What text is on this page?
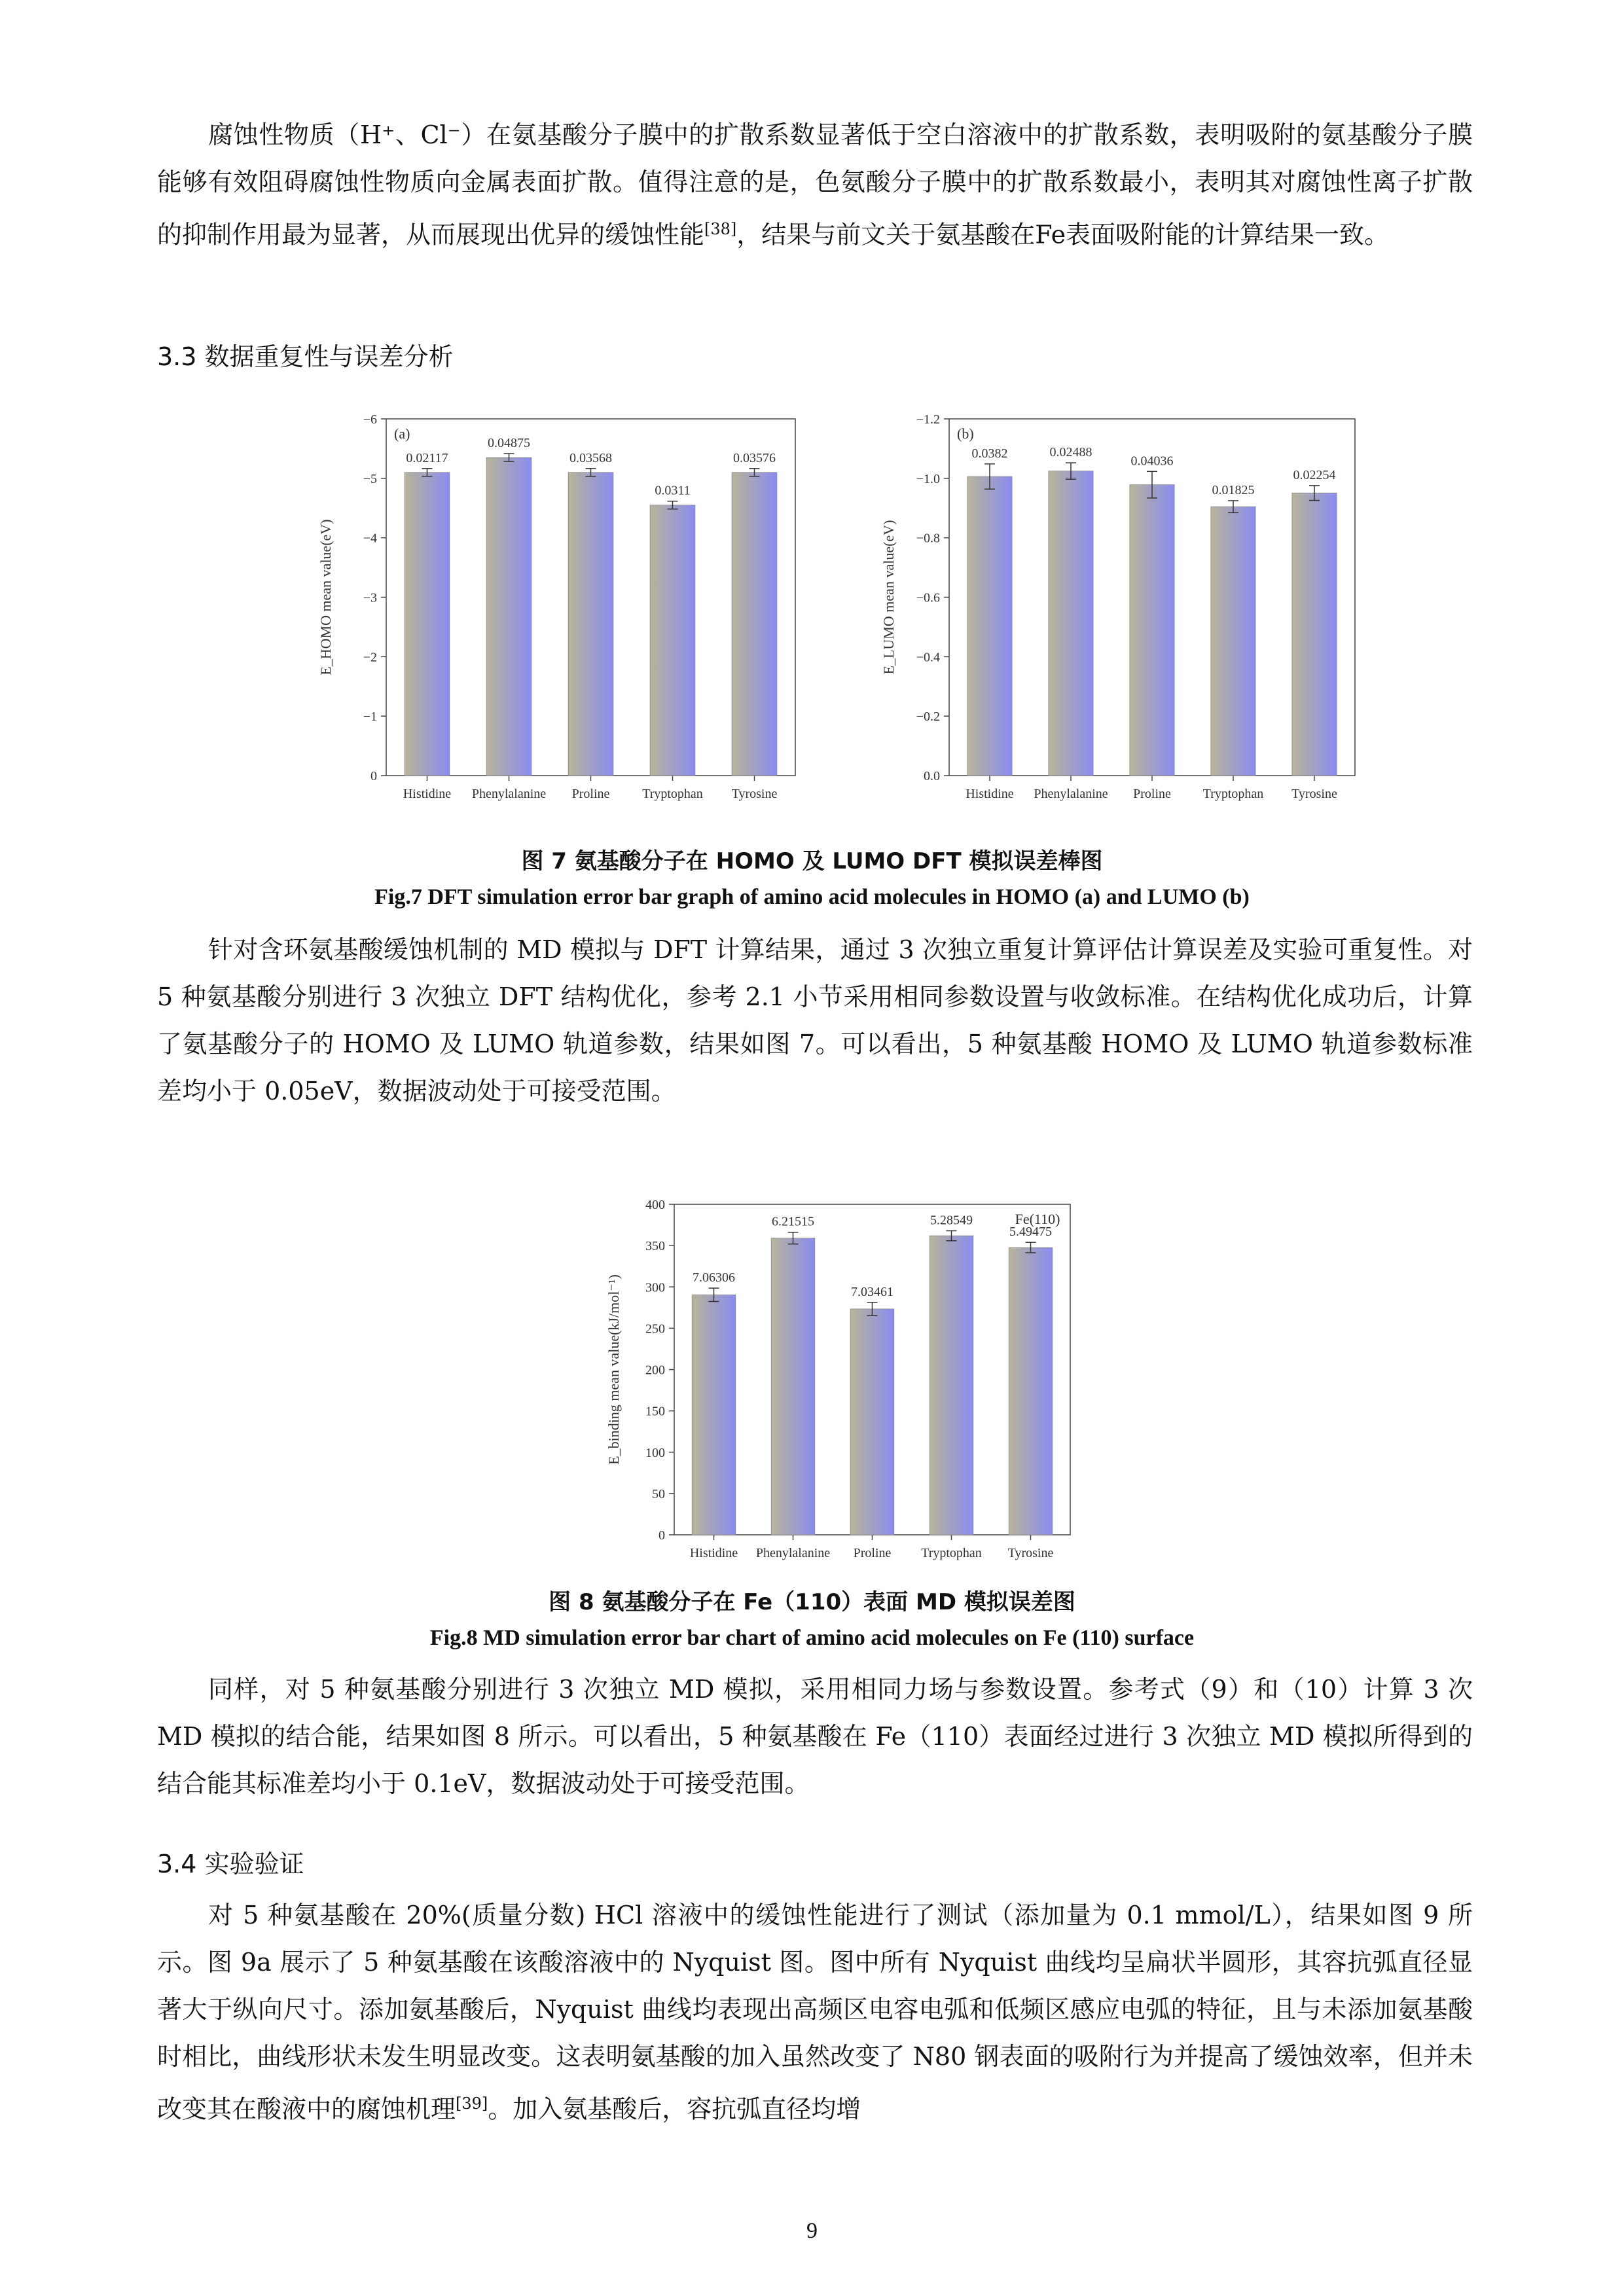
腐蚀性物质（H⁺、Cl⁻）在氨基酸分子膜中的扩散系数显著低于空白溶液中的扩散系数，表明吸附的氨基酸分子膜能够有效阻碍腐蚀性物质向金属表面扩散。值得注意的是，色氨酸分子膜中的扩散系数最小，表明其对腐蚀性离子扩散的抑制作用最为显著，从而展现出优异的缓蚀性能[38]，结果与前文关于氨基酸在Fe表面吸附能的计算结果一致。

3.3 数据重复性与误差分析
0
−1
−2
−3
−4
−5
−6
0.02117
Histidine
0.04875
Phenylalanine
0.03568
Proline
0.0311
Tryptophan
0.03576
Tyrosine
(a)
E_HOMO mean value(eV)
0.0
−0.2
−0.4
−0.6
−0.8
−1.0
−1.2
0.0382
Histidine
0.02488
Phenylalanine
0.04036
Proline
0.01825
Tryptophan
0.02254
Tyrosine
(b)
E_LUMO mean value(eV)

图 7 氨基酸分子在 HOMO 及 LUMO DFT 模拟误差棒图

Fig.7 DFT simulation error bar graph of amino acid molecules in HOMO (a) and LUMO (b)

针对含环氨基酸缓蚀机制的 MD 模拟与 DFT 计算结果，通过 3 次独立重复计算评估计算误差及实验可重复性。对 5 种氨基酸分别进行 3 次独立 DFT 结构优化，参考 2.1 小节采用相同参数设置与收敛标准。在结构优化成功后，计算了氨基酸分子的 HOMO 及 LUMO 轨道参数，结果如图 7。可以看出，5 种氨基酸 HOMO 及 LUMO 轨道参数标准差均小于 0.05eV，数据波动处于可接受范围。

0
50
100
150
200
250
300
350
400
7.06306
Histidine
6.21515
Phenylalanine
7.03461
Proline
5.28549
Tryptophan
5.49475
Tyrosine
Fe(110)
E_binding mean value(kJ/mol⁻¹)

图 8 氨基酸分子在 Fe（110）表面 MD 模拟误差图

Fig.8 MD simulation error bar chart of amino acid molecules on Fe (110) surface

同样，对 5 种氨基酸分别进行 3 次独立 MD 模拟，采用相同力场与参数设置。参考式（9）和（10）计算 3 次 MD 模拟的结合能，结果如图 8 所示。可以看出，5 种氨基酸在 Fe（110）表面经过进行 3 次独立 MD 模拟所得到的结合能其标准差均小于 0.1eV，数据波动处于可接受范围。

3.4 实验验证

对 5 种氨基酸在 20%(质量分数) HCl 溶液中的缓蚀性能进行了测试（添加量为 0.1 mmol/L），结果如图 9 所示。图 9a 展示了 5 种氨基酸在该酸溶液中的 Nyquist 图。图中所有 Nyquist 曲线均呈扁状半圆形，其容抗弧直径显著大于纵向尺寸。添加氨基酸后，Nyquist 曲线均表现出高频区电容电弧和低频区感应电弧的特征，且与未添加氨基酸时相比，曲线形状未发生明显改变。这表明氨基酸的加入虽然改变了 N80 钢表面的吸附行为并提高了缓蚀效率，但并未改变其在酸液中的腐蚀机理[39]。加入氨基酸后，容抗弧直径均增

9
